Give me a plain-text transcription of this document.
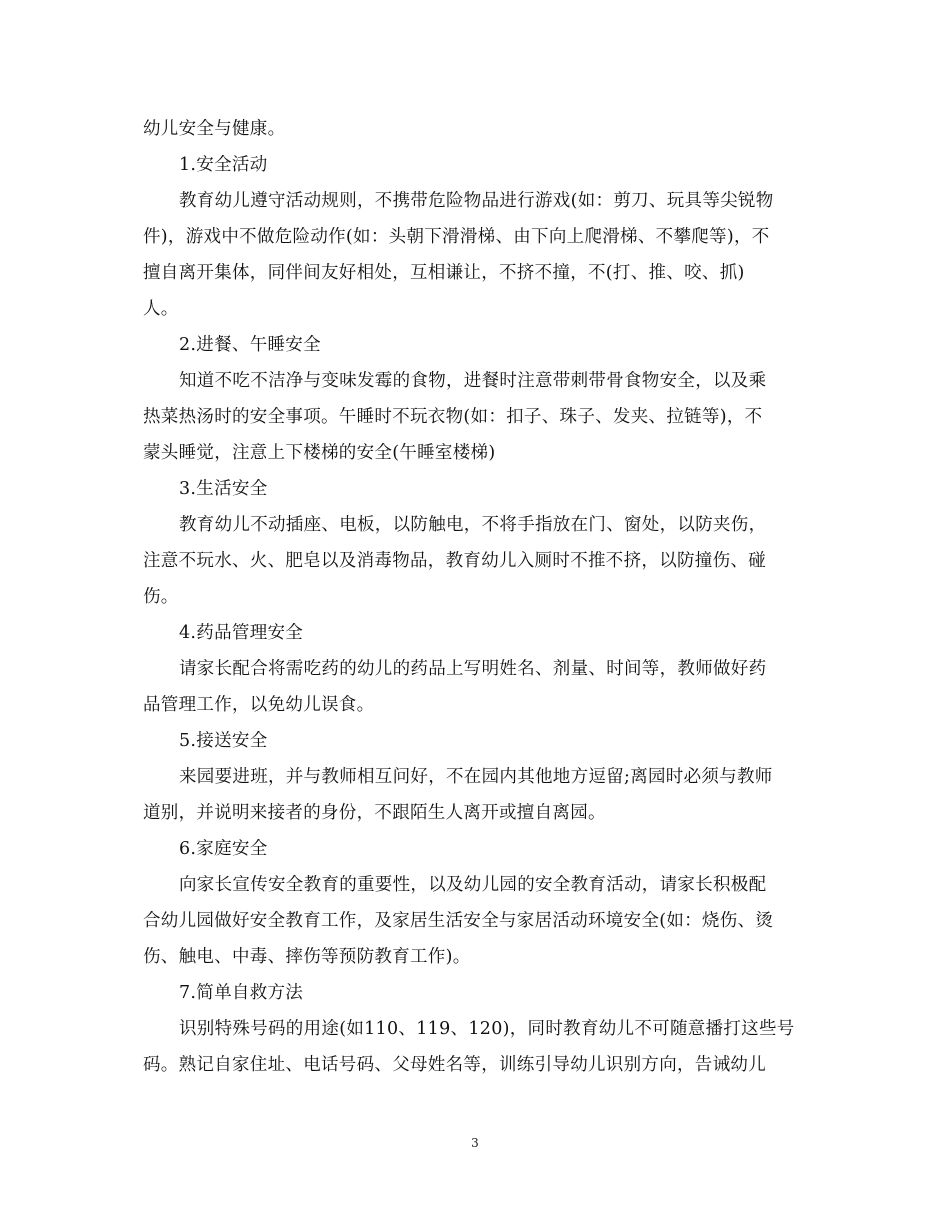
幼儿安全与健康。
1.安全活动
教育幼儿遵守活动规则，不携带危险物品进行游戏(如：剪刀、玩具等尖锐物
件)，游戏中不做危险动作(如：头朝下滑滑梯、由下向上爬滑梯、不攀爬等)，不
擅自离开集体，同伴间友好相处，互相谦让，不挤不撞，不(打、推、咬、抓)
人。
2.进餐、午睡安全
知道不吃不洁净与变味发霉的食物，进餐时注意带刺带骨食物安全，以及乘
热菜热汤时的安全事项。午睡时不玩衣物(如：扣子、珠子、发夹、拉链等)，不
蒙头睡觉，注意上下楼梯的安全(午睡室楼梯)
3.生活安全
教育幼儿不动插座、电板，以防触电，不将手指放在门、窗处，以防夹伤，
注意不玩水、火、肥皂以及消毒物品，教育幼儿入厕时不推不挤，以防撞伤、碰
伤。
4.药品管理安全
请家长配合将需吃药的幼儿的药品上写明姓名、剂量、时间等，教师做好药
品管理工作，以免幼儿误食。
5.接送安全
来园要进班，并与教师相互问好，不在园内其他地方逗留;离园时必须与教师
道别，并说明来接者的身份，不跟陌生人离开或擅自离园。
6.家庭安全
向家长宣传安全教育的重要性，以及幼儿园的安全教育活动，请家长积极配
合幼儿园做好安全教育工作，及家居生活安全与家居活动环境安全(如：烧伤、烫
伤、触电、中毒、摔伤等预防教育工作)。
7.简单自救方法
识别特殊号码的用途(如110、119、120)，同时教育幼儿不可随意播打这些号
码。熟记自家住址、电话号码、父母姓名等，训练引导幼儿识别方向，告诫幼儿
3
